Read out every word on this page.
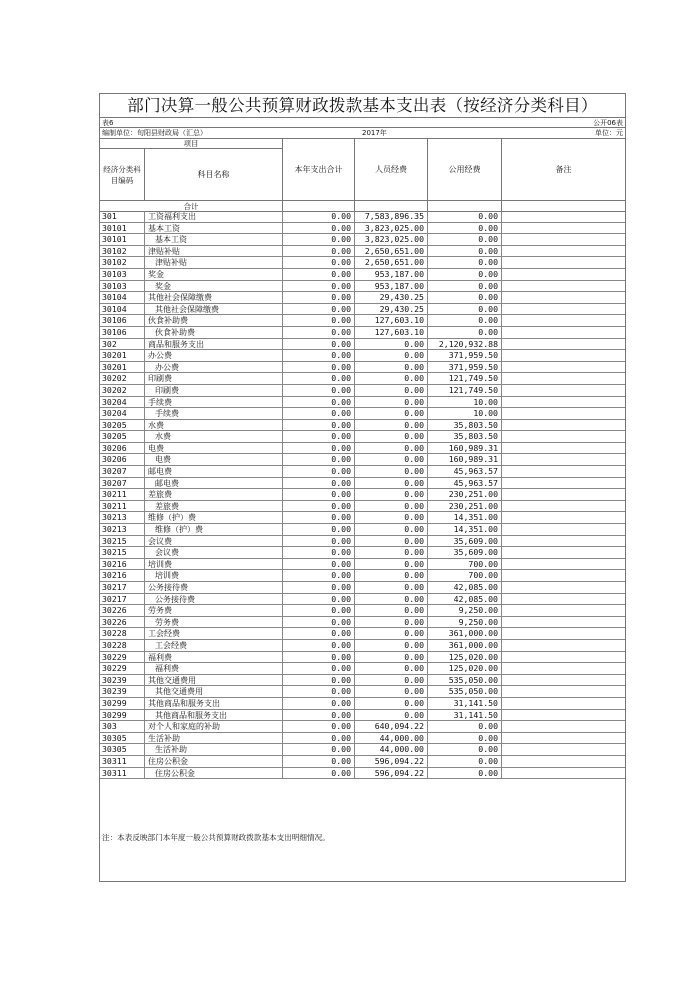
部门决算一般公共预算财政拨款基本支出表（按经济分类科目）
表6	公开06表
编制单位：旬阳县财政局（汇总）	2017年	单位：元
项目
经济分类科目编码
科目名称
本年支出合计	人员经费	公用经费	备注
合计
301	工资福利支出	0.00	7,583,896.35	0.00
30101	基本工资	0.00	3,823,025.00	0.00
30101	基本工资	0.00	3,823,025.00	0.00
30102	津贴补贴	0.00	2,650,651.00	0.00
30102	津贴补贴	0.00	2,650,651.00	0.00
30103	奖金	0.00	953,187.00	0.00
30103	奖金	0.00	953,187.00	0.00
30104	其他社会保障缴费	0.00	29,430.25	0.00
30104	其他社会保障缴费	0.00	29,430.25	0.00
30106	伙食补助费	0.00	127,603.10	0.00
30106	伙食补助费	0.00	127,603.10	0.00
302	商品和服务支出	0.00	0.00	2,120,932.88
30201	办公费	0.00	0.00	371,959.50
30201	办公费	0.00	0.00	371,959.50
30202	印刷费	0.00	0.00	121,749.50
30202	印刷费	0.00	0.00	121,749.50
30204	手续费	0.00	0.00	10.00
30204	手续费	0.00	0.00	10.00
30205	水费	0.00	0.00	35,803.50
30205	水费	0.00	0.00	35,803.50
30206	电费	0.00	0.00	160,989.31
30206	电费	0.00	0.00	160,989.31
30207	邮电费	0.00	0.00	45,963.57
30207	邮电费	0.00	0.00	45,963.57
30211	差旅费	0.00	0.00	230,251.00
30211	差旅费	0.00	0.00	230,251.00
30213	维修（护）费	0.00	0.00	14,351.00
30213	维修（护）费	0.00	0.00	14,351.00
30215	会议费	0.00	0.00	35,609.00
30215	会议费	0.00	0.00	35,609.00
30216	培训费	0.00	0.00	700.00
30216	培训费	0.00	0.00	700.00
30217	公务接待费	0.00	0.00	42,085.00
30217	公务接待费	0.00	0.00	42,085.00
30226	劳务费	0.00	0.00	9,250.00
30226	劳务费	0.00	0.00	9,250.00
30228	工会经费	0.00	0.00	361,000.00
30228	工会经费	0.00	0.00	361,000.00
30229	福利费	0.00	0.00	125,020.00
30229	福利费	0.00	0.00	125,020.00
30239	其他交通费用	0.00	0.00	535,050.00
30239	其他交通费用	0.00	0.00	535,050.00
30299	其他商品和服务支出	0.00	0.00	31,141.50
30299	其他商品和服务支出	0.00	0.00	31,141.50
303	对个人和家庭的补助	0.00	640,094.22	0.00
30305	生活补助	0.00	44,000.00	0.00
30305	生活补助	0.00	44,000.00	0.00
30311	住房公积金	0.00	596,094.22	0.00
30311	住房公积金	0.00	596,094.22	0.00
注：本表反映部门本年度一般公共预算财政拨款基本支出明细情况。
